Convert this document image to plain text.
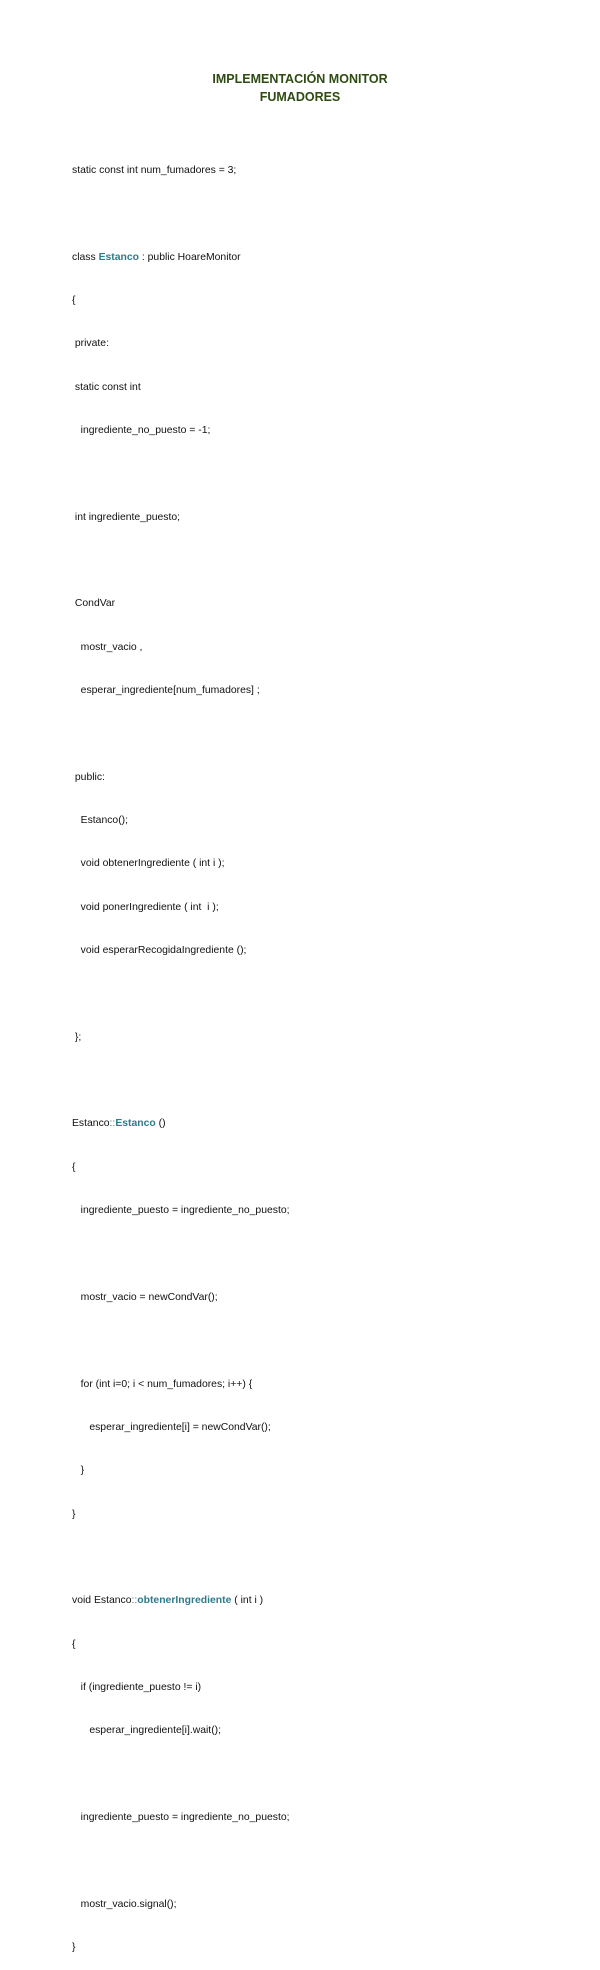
IMPLEMENTACIÓN MONITOR
FUMADORES

static const int num_fumadores = 3;

class Estanco : public HoareMonitor

{

private:

static const int

ingrediente_no_puesto = -1;

int ingrediente_puesto;

CondVar

mostr_vacio ,

esperar_ingrediente[num_fumadores] ;

public:

Estanco();

void obtenerIngrediente ( int i );

void ponerIngrediente ( int  i );

void esperarRecogidaIngrediente ();

};

Estanco::Estanco ()

{

ingrediente_puesto = ingrediente_no_puesto;

mostr_vacio = newCondVar();

for (int i=0; i < num_fumadores; i++) {

esperar_ingrediente[i] = newCondVar();

}

}

void Estanco::obtenerIngrediente ( int i )

{

if (ingrediente_puesto != i)

esperar_ingrediente[i].wait();

ingrediente_puesto = ingrediente_no_puesto;

mostr_vacio.signal();

}
